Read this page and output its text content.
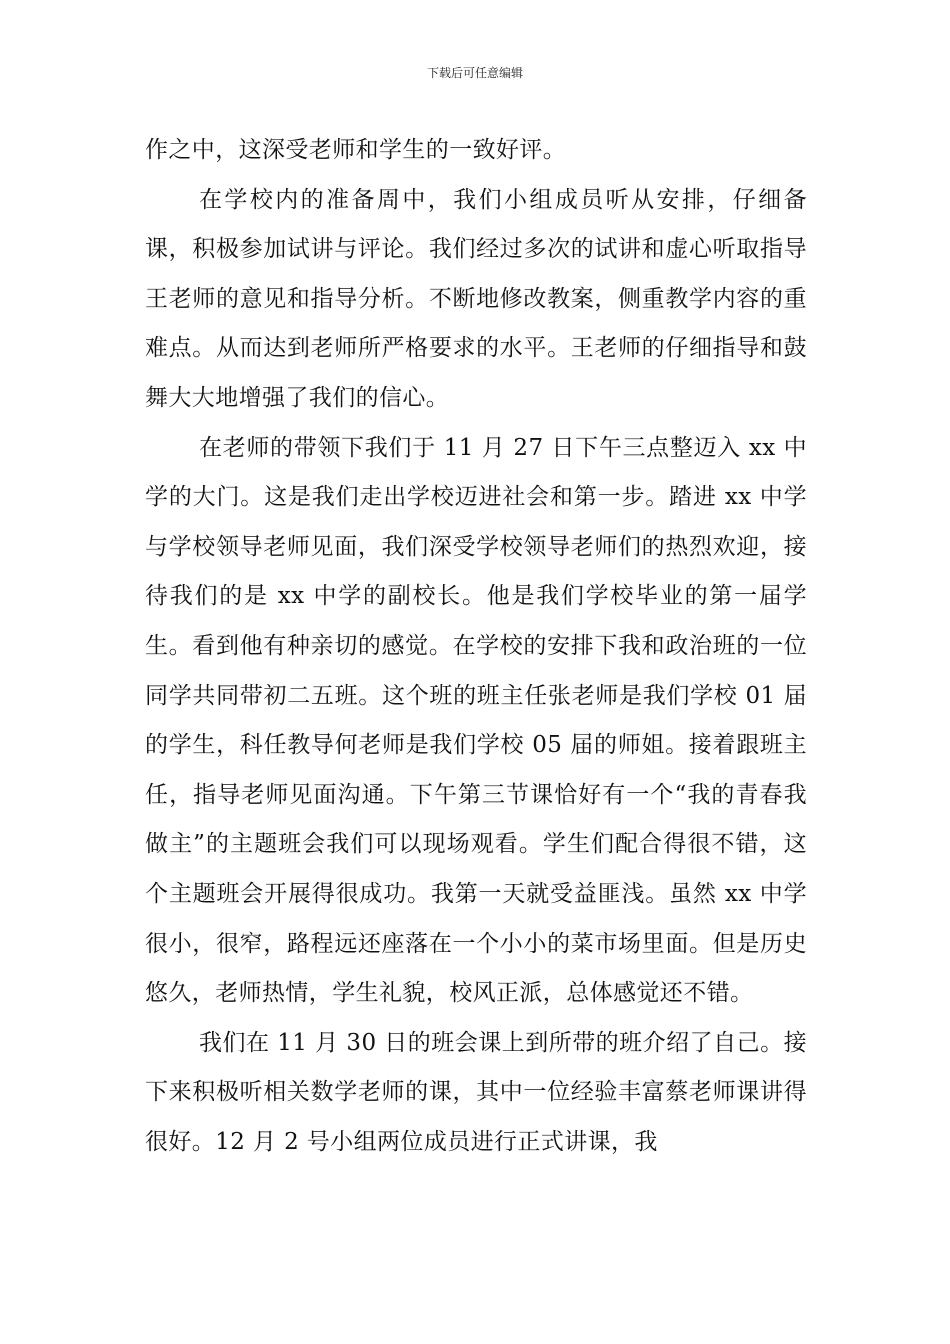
下载后可任意编辑

作之中，这深受老师和学生的一致好评。

在学校内的准备周中，我们小组成员听从安排，仔细备课，积极参加试讲与评论。我们经过多次的试讲和虚心听取指导王老师的意见和指导分析。不断地修改教案，侧重教学内容的重难点。从而达到老师所严格要求的水平。王老师的仔细指导和鼓舞大大地增强了我们的信心。

在老师的带领下我们于 11 月 27 日下午三点整迈入 xx 中学的大门。这是我们走出学校迈进社会和第一步。踏进 xx 中学与学校领导老师见面，我们深受学校领导老师们的热烈欢迎，接待我们的是 xx 中学的副校长。他是我们学校毕业的第一届学生。看到他有种亲切的感觉。在学校的安排下我和政治班的一位同学共同带初二五班。这个班的班主任张老师是我们学校 01 届的学生，科任教导何老师是我们学校 05 届的师姐。接着跟班主任，指导老师见面沟通。下午第三节课恰好有一个“我的青春我做主”的主题班会我们可以现场观看。学生们配合得很不错，这个主题班会开展得很成功。我第一天就受益匪浅。虽然 xx 中学很小，很窄，路程远还座落在一个小小的菜市场里面。但是历史悠久，老师热情，学生礼貌，校风正派，总体感觉还不错。

我们在 11 月 30 日的班会课上到所带的班介绍了自己。接下来积极听相关数学老师的课，其中一位经验丰富蔡老师课讲得很好。12 月 2 号小组两位成员进行正式讲课，我
